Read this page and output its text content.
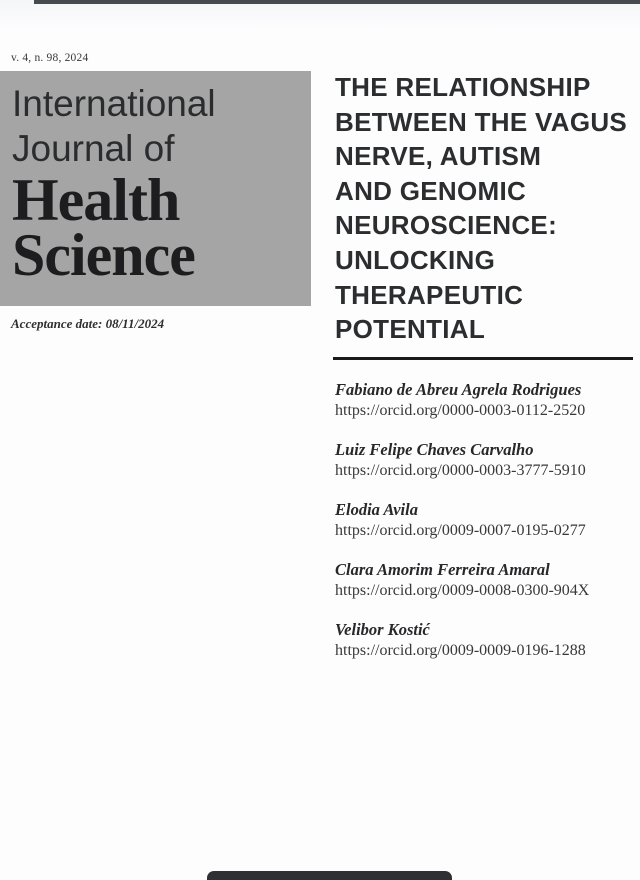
v. 4, n. 98, 2024
International
Journal of
Health
Science
Acceptance date: 08/11/2024
THE RELATIONSHIP
BETWEEN THE VAGUS
NERVE, AUTISM
AND GENOMIC
NEUROSCIENCE:
UNLOCKING
THERAPEUTIC
POTENTIAL
Fabiano de Abreu Agrela Rodrigues
https://orcid.org/0000-0003-0112-2520
Luiz Felipe Chaves Carvalho
https://orcid.org/0000-0003-3777-5910
Elodia Avila
https://orcid.org/0009-0007-0195-0277
Clara Amorim Ferreira Amaral
https://orcid.org/0009-0008-0300-904X
Velibor Kostić
https://orcid.org/0009-0009-0196-1288
